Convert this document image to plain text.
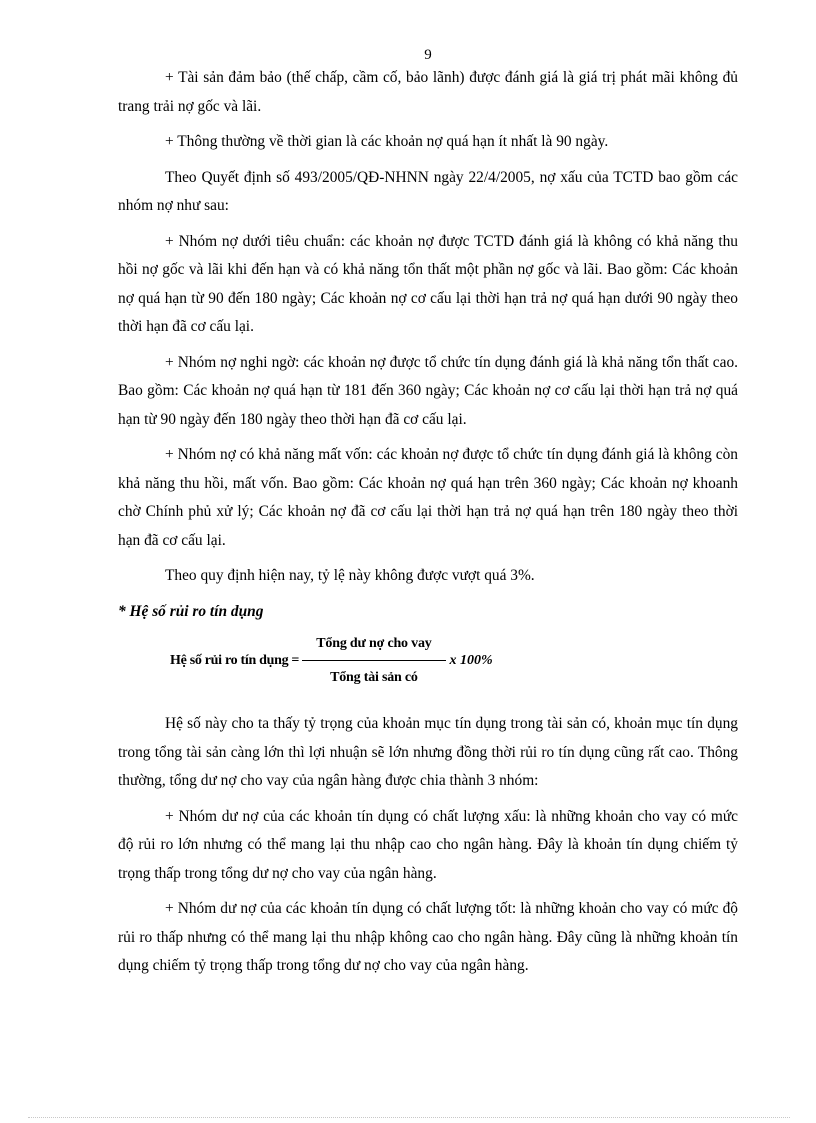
9

+ Tài sản đảm bảo (thế chấp, cầm cố, bảo lãnh) được đánh giá là giá trị phát mãi không đủ trang trải nợ gốc và lãi.

+ Thông thường về thời gian là các khoản nợ quá hạn ít nhất là 90 ngày.

Theo Quyết định số 493/2005/QĐ-NHNN ngày 22/4/2005, nợ xấu của TCTD bao gồm các nhóm nợ như sau:

+ Nhóm nợ dưới tiêu chuẩn: các khoản nợ được TCTD đánh giá là không có khả năng thu hồi nợ gốc và lãi khi đến hạn và có khả năng tổn thất một phần nợ gốc và lãi. Bao gồm: Các khoản nợ quá hạn từ 90 đến 180 ngày; Các khoản nợ cơ cấu lại thời hạn trả nợ quá hạn dưới 90 ngày theo thời hạn đã cơ cấu lại.

+ Nhóm nợ nghi ngờ: các khoản nợ được tổ chức tín dụng đánh giá là khả năng tổn thất cao. Bao gồm: Các khoản nợ quá hạn từ 181 đến 360 ngày; Các khoản nợ cơ cấu lại thời hạn trả nợ quá hạn từ 90 ngày đến 180 ngày theo thời hạn đã cơ cấu lại.

+ Nhóm nợ có khả năng mất vốn: các khoản nợ được tổ chức tín dụng đánh giá là không còn khả năng thu hồi, mất vốn. Bao gồm: Các khoản nợ quá hạn trên 360 ngày; Các khoản nợ khoanh chờ Chính phủ xử lý; Các khoản nợ đã cơ cấu lại thời hạn trả nợ quá hạn trên 180 ngày theo thời hạn đã cơ cấu lại.

Theo quy định hiện nay, tỷ lệ này không được vượt quá 3%.

* Hệ số rủi ro tín dụng
Hệ số rủi ro tín dụng = $\frac{\text{Tổng dư nợ cho vay}}{\text{Tổng tài sản có}}$ x 100%

Hệ số này cho ta thấy tỷ trọng của khoản mục tín dụng trong tài sản có, khoản mục tín dụng trong tổng tài sản càng lớn thì lợi nhuận sẽ lớn nhưng đồng thời rủi ro tín dụng cũng rất cao. Thông thường, tổng dư nợ cho vay của ngân hàng được chia thành 3 nhóm:

+ Nhóm dư nợ của các khoản tín dụng có chất lượng xấu: là những khoản cho vay có mức độ rủi ro lớn nhưng có thể mang lại thu nhập cao cho ngân hàng. Đây là khoản tín dụng chiếm tỷ trọng thấp trong tổng dư nợ cho vay của ngân hàng.

+ Nhóm dư nợ của các khoản tín dụng có chất lượng tốt: là những khoản cho vay có mức độ rủi ro thấp nhưng có thể mang lại thu nhập không cao cho ngân hàng. Đây cũng là những khoản tín dụng chiếm tỷ trọng thấp trong tổng dư nợ cho vay của ngân hàng.
